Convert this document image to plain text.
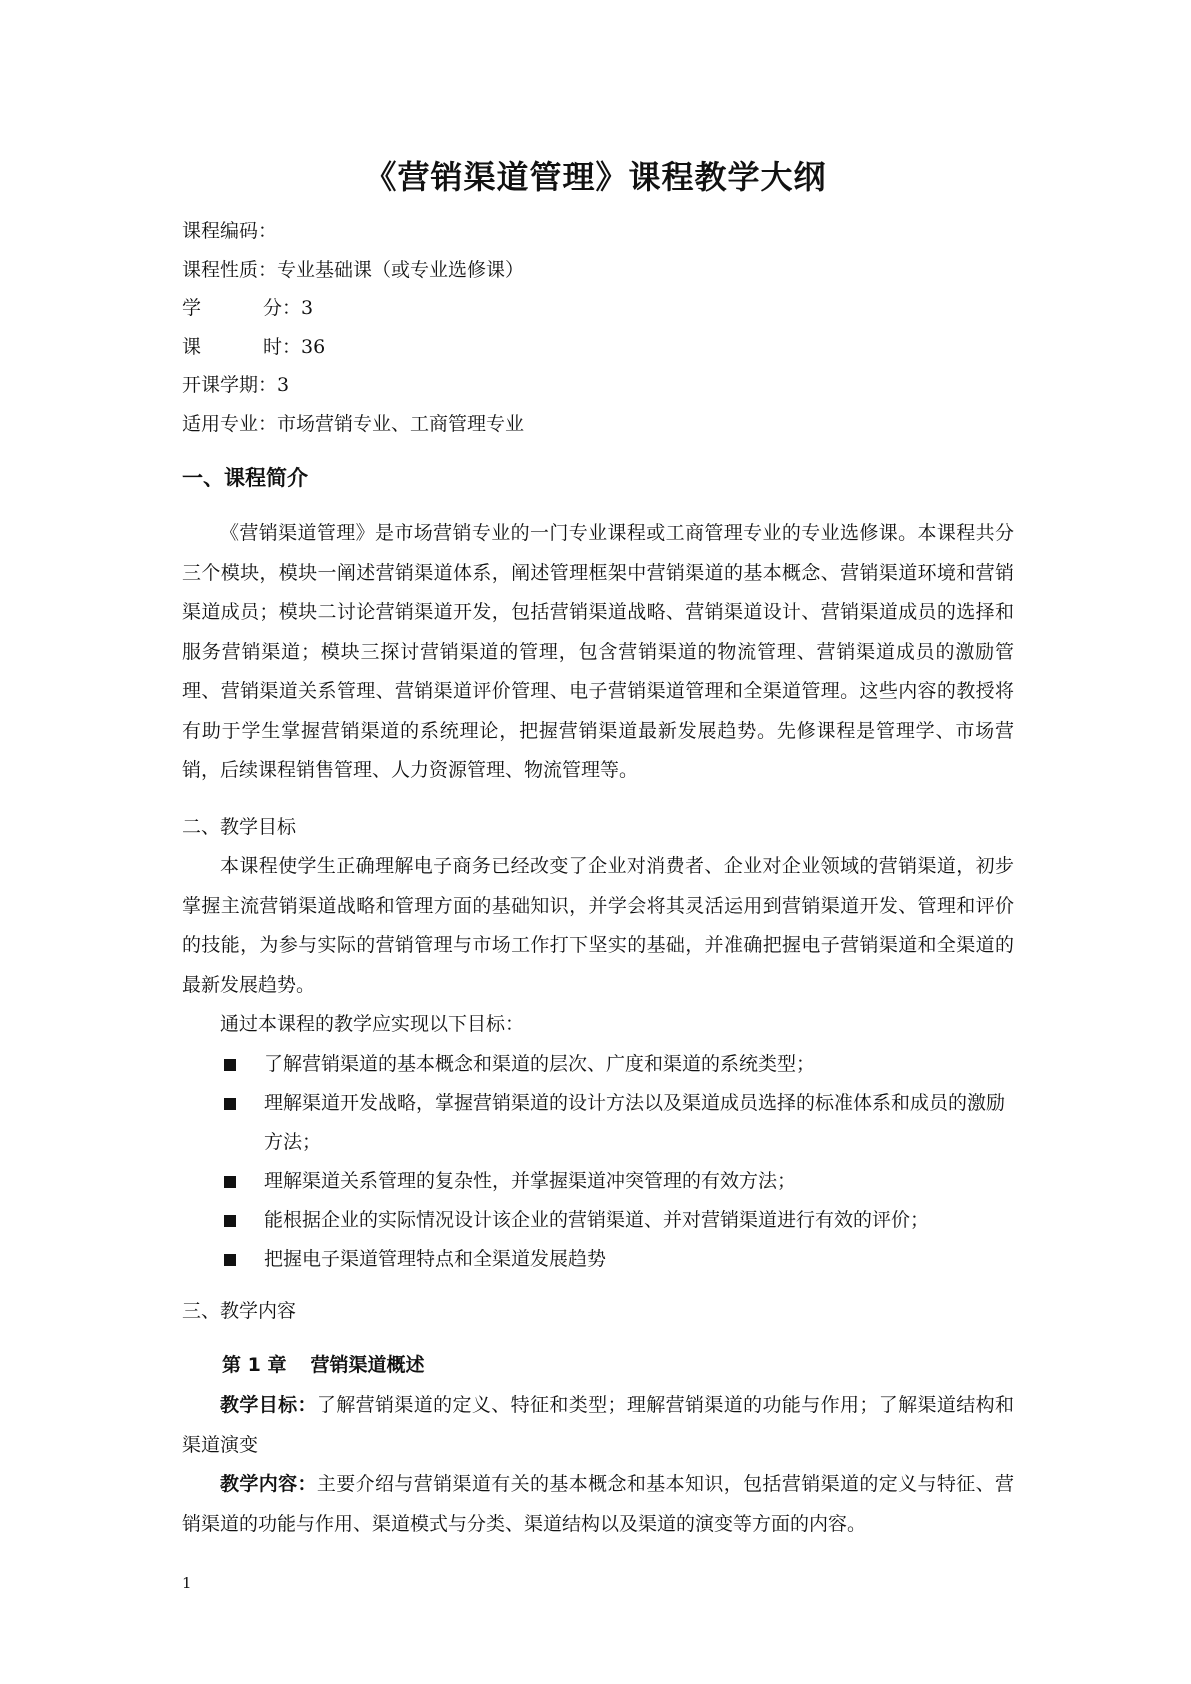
《营销渠道管理》课程教学大纲
课程编码：
课程性质：专业基础课（或专业选修课）
学 分：3
课 时：36
开课学期：3
适用专业：市场营销专业、工商管理专业
一、课程简介
《营销渠道管理》是市场营销专业的一门专业课程或工商管理专业的专业选修课。本课程共分三个模块，模块一阐述营销渠道体系，阐述管理框架中营销渠道的基本概念、营销渠道环境和营销渠道成员；模块二讨论营销渠道开发，包括营销渠道战略、营销渠道设计、营销渠道成员的选择和服务营销渠道；模块三探讨营销渠道的管理，包含营销渠道的物流管理、营销渠道成员的激励管理、营销渠道关系管理、营销渠道评价管理、电子营销渠道管理和全渠道管理。这些内容的教授将有助于学生掌握营销渠道的系统理论，把握营销渠道最新发展趋势。先修课程是管理学、市场营销，后续课程销售管理、人力资源管理、物流管理等。
二、教学目标
本课程使学生正确理解电子商务已经改变了企业对消费者、企业对企业领域的营销渠道，初步掌握主流营销渠道战略和管理方面的基础知识，并学会将其灵活运用到营销渠道开发、管理和评价的技能，为参与实际的营销管理与市场工作打下坚实的基础，并准确把握电子营销渠道和全渠道的最新发展趋势。
通过本课程的教学应实现以下目标：
了解营销渠道的基本概念和渠道的层次、广度和渠道的系统类型；
理解渠道开发战略，掌握营销渠道的设计方法以及渠道成员选择的标准体系和成员的激励方法；
理解渠道关系管理的复杂性，并掌握渠道冲突管理的有效方法；
能根据企业的实际情况设计该企业的营销渠道、并对营销渠道进行有效的评价；
把握电子渠道管理特点和全渠道发展趋势
三、教学内容
第 1 章 营销渠道概述
教学目标：了解营销渠道的定义、特征和类型；理解营销渠道的功能与作用；了解渠道结构和渠道演变
教学内容：主要介绍与营销渠道有关的基本概念和基本知识，包括营销渠道的定义与特征、营销渠道的功能与作用、渠道模式与分类、渠道结构以及渠道的演变等方面的内容。
1
